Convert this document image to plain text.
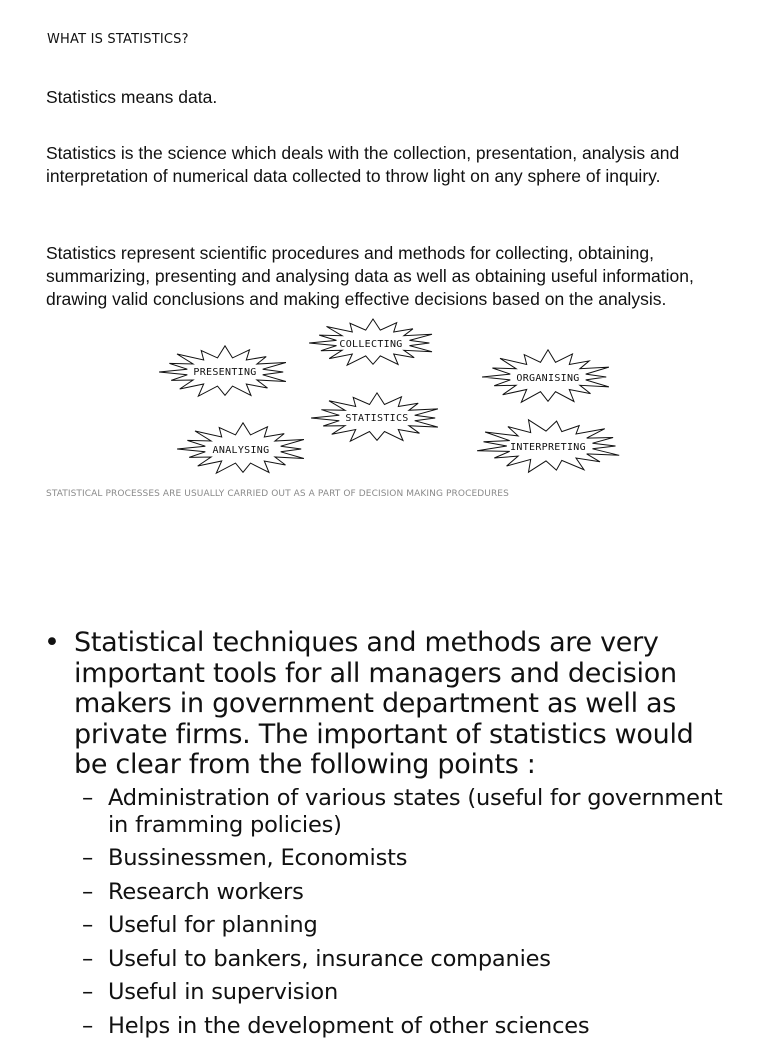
WHAT IS STATISTICS?
Statistics means data.
Statistics is the science which deals with the collection, presentation, analysis and interpretation of numerical data collected to throw light on any sphere of inquiry.
Statistics represent scientific procedures and methods for collecting, obtaining, summarizing, presenting and analysing data as well as obtaining useful information, drawing valid conclusions and making effective decisions based on the analysis.
COLLECTING
PRESENTING
ORGANISING
STATISTICS
ANALYSING	INTERPRETING
STATISTICAL PROCESSES ARE USUALLY CARRIED OUT AS A PART OF DECISION MAKING PROCEDURES
• Statistical techniques and methods are very important tools for all managers and decision makers in government department as well as private firms. The important of statistics would be clear from the following points :
– Administration of various states (useful for government in framming policies)
– Bussinessmen, Economists
– Research workers
– Useful for planning
– Useful to bankers, insurance companies
– Useful in supervision
– Helps in the development of other sciences
